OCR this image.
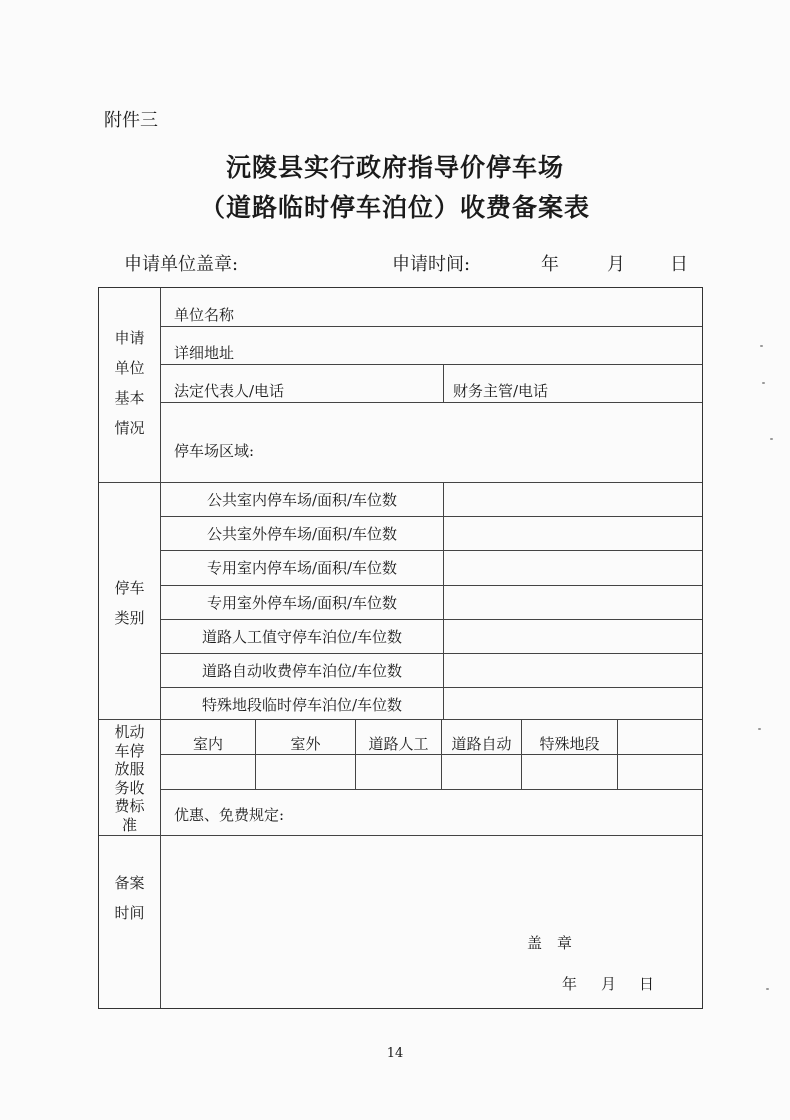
附件三
沅陵县实行政府指导价停车场
（道路临时停车泊位）收费备案表
申请单位盖章:	申请时间:	年	月	日
申请
单位
基本
情况
单位名称
详细地址
法定代表人/电话	财务主管/电话
停车场区域:
停车
类别
公共室内停车场/面积/车位数
公共室外停车场/面积/车位数
专用室内停车场/面积/车位数
专用室外停车场/面积/车位数
道路人工值守停车泊位/车位数
道路自动收费停车泊位/车位数
特殊地段临时停车泊位/车位数
机动
车停
放服
务收
费标
准
室内	室外	道路人工	道路自动	特殊地段
优惠、免费规定:
备案
时间
盖　章
年 月 日
14
